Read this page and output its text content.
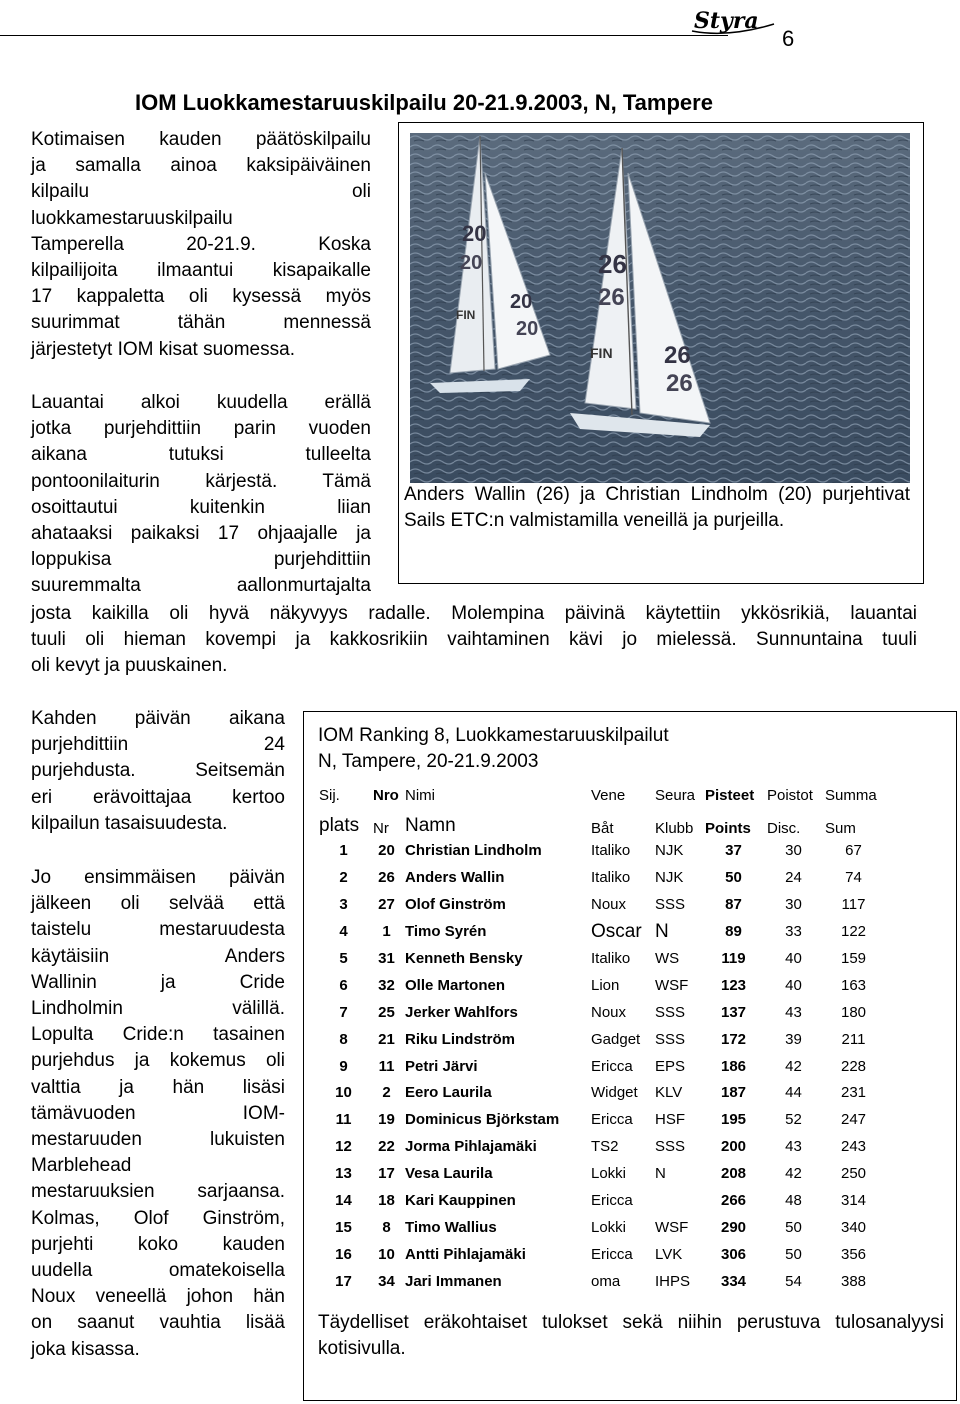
Styra
6
IOM Luokkamestaruuskilpailu 20-21.9.2003, N, Tampere
Kotimaisen kauden päätöskilpailu
ja samalla ainoa kaksipäiväinen
kilpailu oli
luokkamestaruuskilpailu
Tamperella 20-21.9. Koska
kilpailijoita ilmaantui kisapaikalle
17 kappaletta oli kysessä myös
suurimmat tähän mennessä
järjestetyt IOM kisat suomessa.
Lauantai alkoi kuudella erällä
jotka purjehdittiin parin vuoden
aikana tutuksi tulleelta
pontoonilaiturin kärjestä. Tämä
osoittautui kuitenkin liian
ahataaksi paikaksi 17 ohjaajalle ja
loppukisa purjehdittiin
suuremmalta aallonmurtajalta
josta kaikilla oli hyvä näkyvyys radalle. Molempina päivinä käytettiin ykkösrikiä, lauantai
tuuli oli hieman kovempi ja kakkosrikiin vaihtaminen kävi jo mielessä. Sunnuntaina tuuli
oli kevyt ja puuskainen.
20
20
20
20
FIN
26
26
26
26
FIN
Anders Wallin (26) ja Christian Lindholm (20) purjehtivat Sails ETC:n valmistamilla veneillä ja purjeilla.
Kahden päivän aikana
purjehdittiin 24
purjehdusta. Seitsemän
eri erävoittajaa kertoo
kilpailun tasaisuudesta.
Jo ensimmäisen päivän
jälkeen oli selvää että
taistelu mestaruudesta
käytäisiin Anders
Wallinin ja Cride
Lindholmin välillä.
Lopulta Cride:n tasainen
purjehdus ja kokemus oli
valttia ja hän lisäsi
tämävuoden IOM-
mestaruuden lukuisten
Marblehead
mestaruuksien sarjaansa.
Kolmas, Olof Ginström,
purjehti koko kauden
uudella omatekoisella
Noux veneellä johon hän
on saanut vauhtia lisää
joka kisassa.
IOM Ranking 8, Luokkamestaruuskilpailut
N, Tampere, 20-21.9.2003
Sij.	Nro	Nimi	Vene	Seura	Pisteet	Poistot	Summa
plats	Nr	Namn	Båt	Klubb	Points	Disc.	Sum
1	20	Christian Lindholm	Italiko	NJK	37	30	67
2	26	Anders Wallin	Italiko	NJK	50	24	74
3	27	Olof Ginström	Noux	SSS	87	30	117
4	1	Timo Syrén	Oscar	N	89	33	122
5	31	Kenneth Bensky	Italiko	WS	119	40	159
6	32	Olle Martonen	Lion	WSF	123	40	163
7	25	Jerker Wahlfors	Noux	SSS	137	43	180
8	21	Riku Lindström	Gadget	SSS	172	39	211
9	11	Petri Järvi	Ericca	EPS	186	42	228
10	2	Eero Laurila	Widget	KLV	187	44	231
11	19	Dominicus Björkstam	Ericca	HSF	195	52	247
12	22	Jorma Pihlajamäki	TS2	SSS	200	43	243
13	17	Vesa Laurila	Lokki	N	208	42	250
14	18	Kari Kauppinen	Ericca		266	48	314
15	8	Timo Wallius	Lokki	WSF	290	50	340
16	10	Antti Pihlajamäki	Ericca	LVK	306	50	356
17	34	Jari Immanen	oma	IHPS	334	54	388
Täydelliset eräkohtaiset tulokset sekä niihin perustuva tulosanalyysi kotisivulla.
